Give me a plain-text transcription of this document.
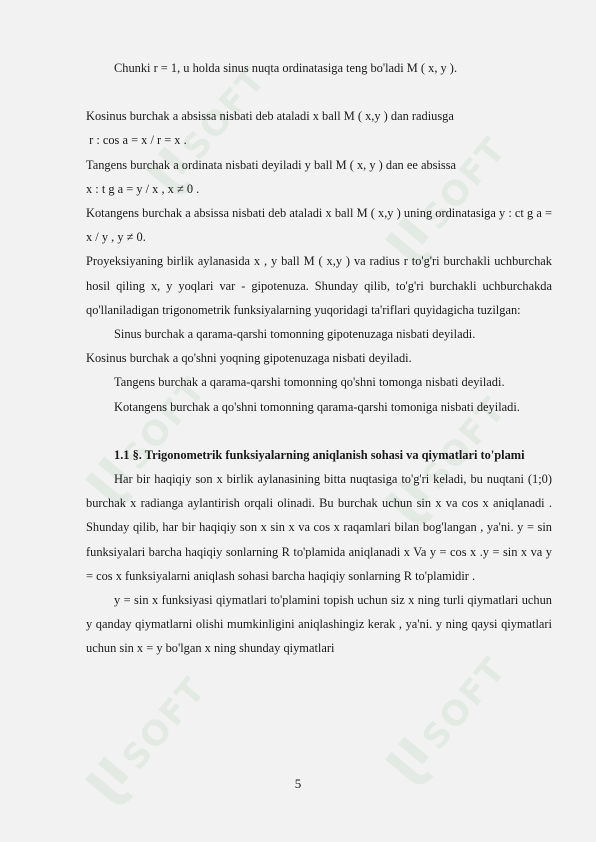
SOFT
SOFT
SOFT	SOFT
SOFT	SOFT

Chunki r = 1, u holda sinus nuqta ordinatasiga teng bo'ladi M ( x, y ).

Kosinus burchak a absissa nisbati deb ataladi x ball M ( x,y ) dan radiusga

r : cos a = x / r = x .

Tangens burchak a ordinata nisbati deyiladi y ball M ( x, y ) dan ee absissa

x : t g a = y / x , x ≠ 0 .

Kotangens burchak a absissa nisbati deb ataladi x ball M ( x,y ) uning ordinatasiga y : ct g a = x / y , y ≠ 0.

Proyeksiyaning birlik aylanasida x , y ball M ( x,y ) va radius r to'g'ri burchakli uchburchak hosil qiling x, y yoqlari var - gipotenuza. Shunday qilib, to'g'ri burchakli uchburchakda qo'llaniladigan trigonometrik funksiyalarning yuqoridagi ta'riflari quyidagicha tuzilgan:

Sinus burchak a qarama-qarshi tomonning gipotenuzaga nisbati deyiladi.

Kosinus burchak a qo'shni yoqning gipotenuzaga nisbati deyiladi.

Tangens burchak a qarama-qarshi tomonning qo'shni tomonga nisbati deyiladi.

Kotangens burchak a qo'shni tomonning qarama-qarshi tomoniga nisbati deyiladi.

1.1 §. Trigonometrik funksiyalarning aniqlanish sohasi va qiymatlari to'plami

Har bir haqiqiy son x birlik aylanasining bitta nuqtasiga to'g'ri keladi, bu nuqtani (1;0) burchak x radianga aylantirish orqali olinadi. Bu burchak uchun sin x va cos x aniqlanadi . Shunday qilib, har bir haqiqiy son x sin x va cos x raqamlari bilan bog'langan , ya'ni. y = sin funksiyalari barcha haqiqiy sonlarning R to'plamida aniqlanadi x Va y = cos x .y = sin x va y = cos x funksiyalarni aniqlash sohasi barcha haqiqiy sonlarning R to'plamidir .

y = sin x funksiyasi qiymatlari to'plamini topish uchun siz x ning turli qiymatlari uchun y qanday qiymatlarni olishi mumkinligini aniqlashingiz kerak , ya'ni. y ning qaysi qiymatlari uchun sin x = y bo'lgan x ning shunday qiymatlari

5
